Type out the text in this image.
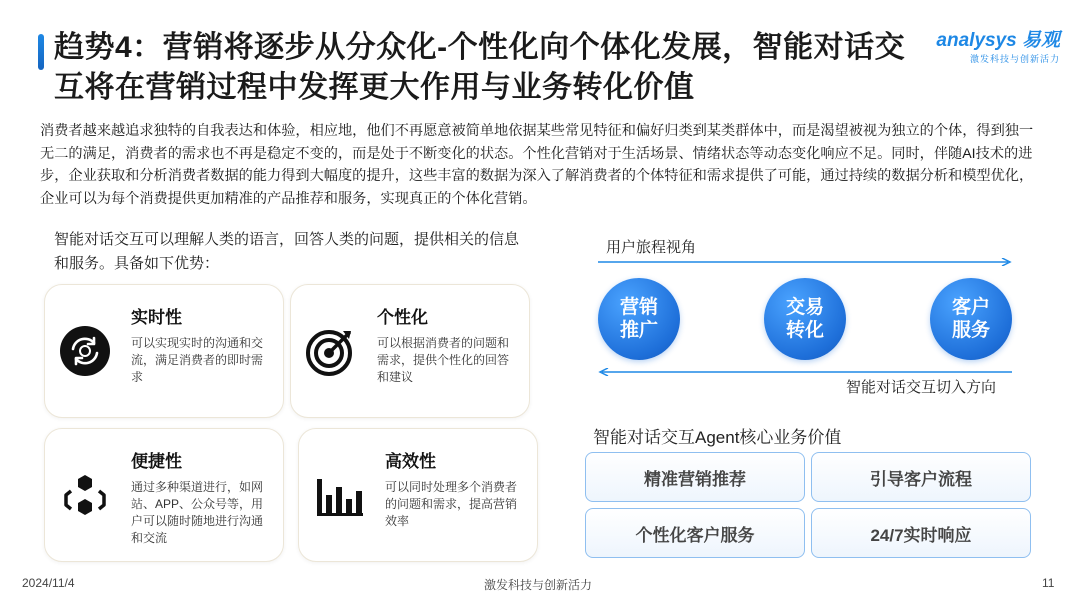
趋势4：营销将逐步从分众化-个性化向个体化发展，智能对话交互将在营销过程中发挥更大作用与业务转化价值
analysys 易观
激发科技与创新活力

消费者越来越追求独特的自我表达和体验，相应地，他们不再愿意被简单地依据某些常见特征和偏好归类到某类群体中，而是渴望被视为独立的个体，得到独一无二的满足，消费者的需求也不再是稳定不变的，而是处于不断变化的状态。个性化营销对于生活场景、情绪状态等动态变化响应不足。同时，伴随AI技术的进步，企业获取和分析消费者数据的能力得到大幅度的提升，这些丰富的数据为深入了解消费者的个体特征和需求提供了可能，通过持续的数据分析和模型优化，企业可以为每个消费提供更加精准的产品推荐和服务，实现真正的个体化营销。

智能对话交互可以理解人类的语言，回答人类的问题，提供相关的信息和服务。具备如下优势：

实时性
可以实现实时的沟通和交流，满足消费者的即时需求
个性化
可以根据消费者的问题和需求，提供个性化的回答和建议
便捷性
通过多种渠道进行，如网站、APP、公众号等，用户可以随时随地进行沟通和交流
高效性
可以同时处理多个消费者的问题和需求，提高营销效率
用户旅程视角
营销推广
交易转化
客户服务
智能对话交互切入方向
智能对话交互Agent核心业务价值
精准营销推荐	引导客户流程
个性化客户服务	24/7实时响应
2024/11/4	激发科技与创新活力	11
